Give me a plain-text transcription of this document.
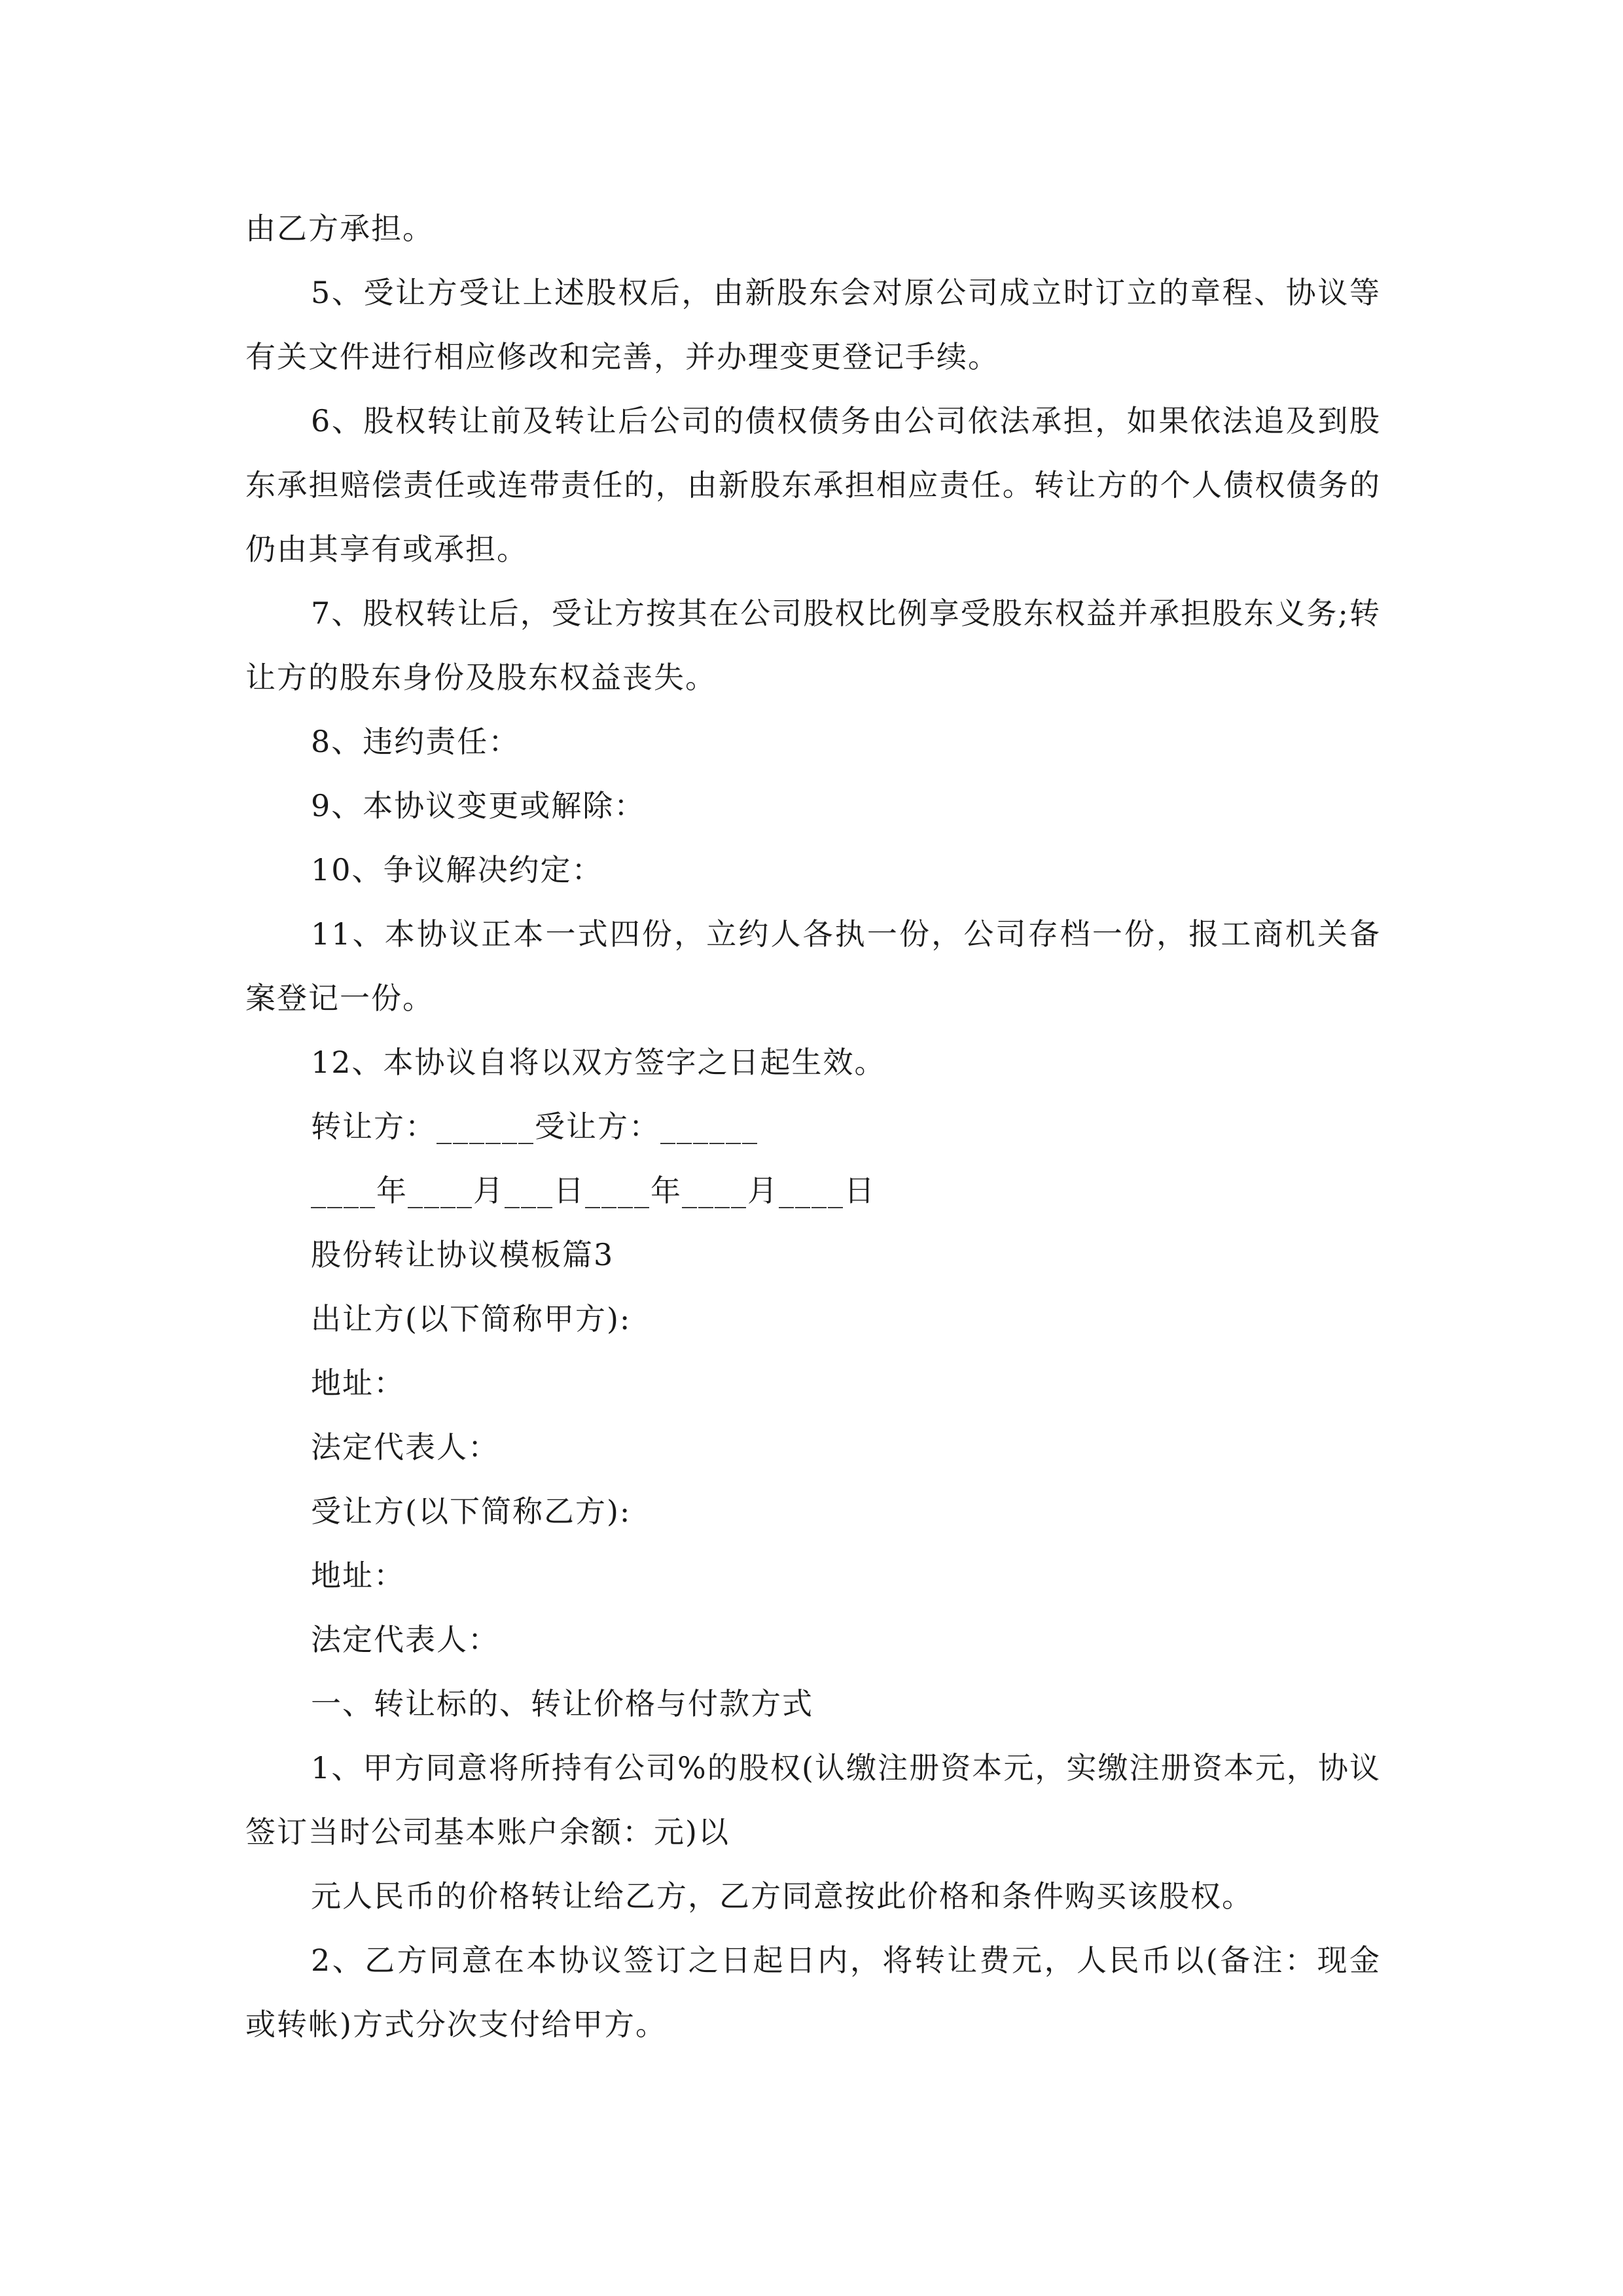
由乙方承担。

5、受让方受让上述股权后，由新股东会对原公司成立时订立的章程、协议等有关文件进行相应修改和完善，并办理变更登记手续。

6、股权转让前及转让后公司的债权债务由公司依法承担，如果依法追及到股东承担赔偿责任或连带责任的，由新股东承担相应责任。转让方的个人债权债务的仍由其享有或承担。

7、股权转让后，受让方按其在公司股权比例享受股东权益并承担股东义务;转让方的股东身份及股东权益丧失。

8、违约责任：

9、本协议变更或解除：

10、争议解决约定：

11、本协议正本一式四份，立约人各执一份，公司存档一份，报工商机关备案登记一份。

12、本协议自将以双方签字之日起生效。

转让方：______受让方：______

____年____月___日____年____月____日

股份转让协议模板篇3

出让方(以下简称甲方):

地址：

法定代表人：

受让方(以下简称乙方):

地址：

法定代表人：

一、转让标的、转让价格与付款方式

1、甲方同意将所持有公司%的股权(认缴注册资本元，实缴注册资本元，协议签订当时公司基本账户余额：元)以

元人民币的价格转让给乙方，乙方同意按此价格和条件购买该股权。

2、乙方同意在本协议签订之日起日内，将转让费元，人民币以(备注：现金或转帐)方式分次支付给甲方。
